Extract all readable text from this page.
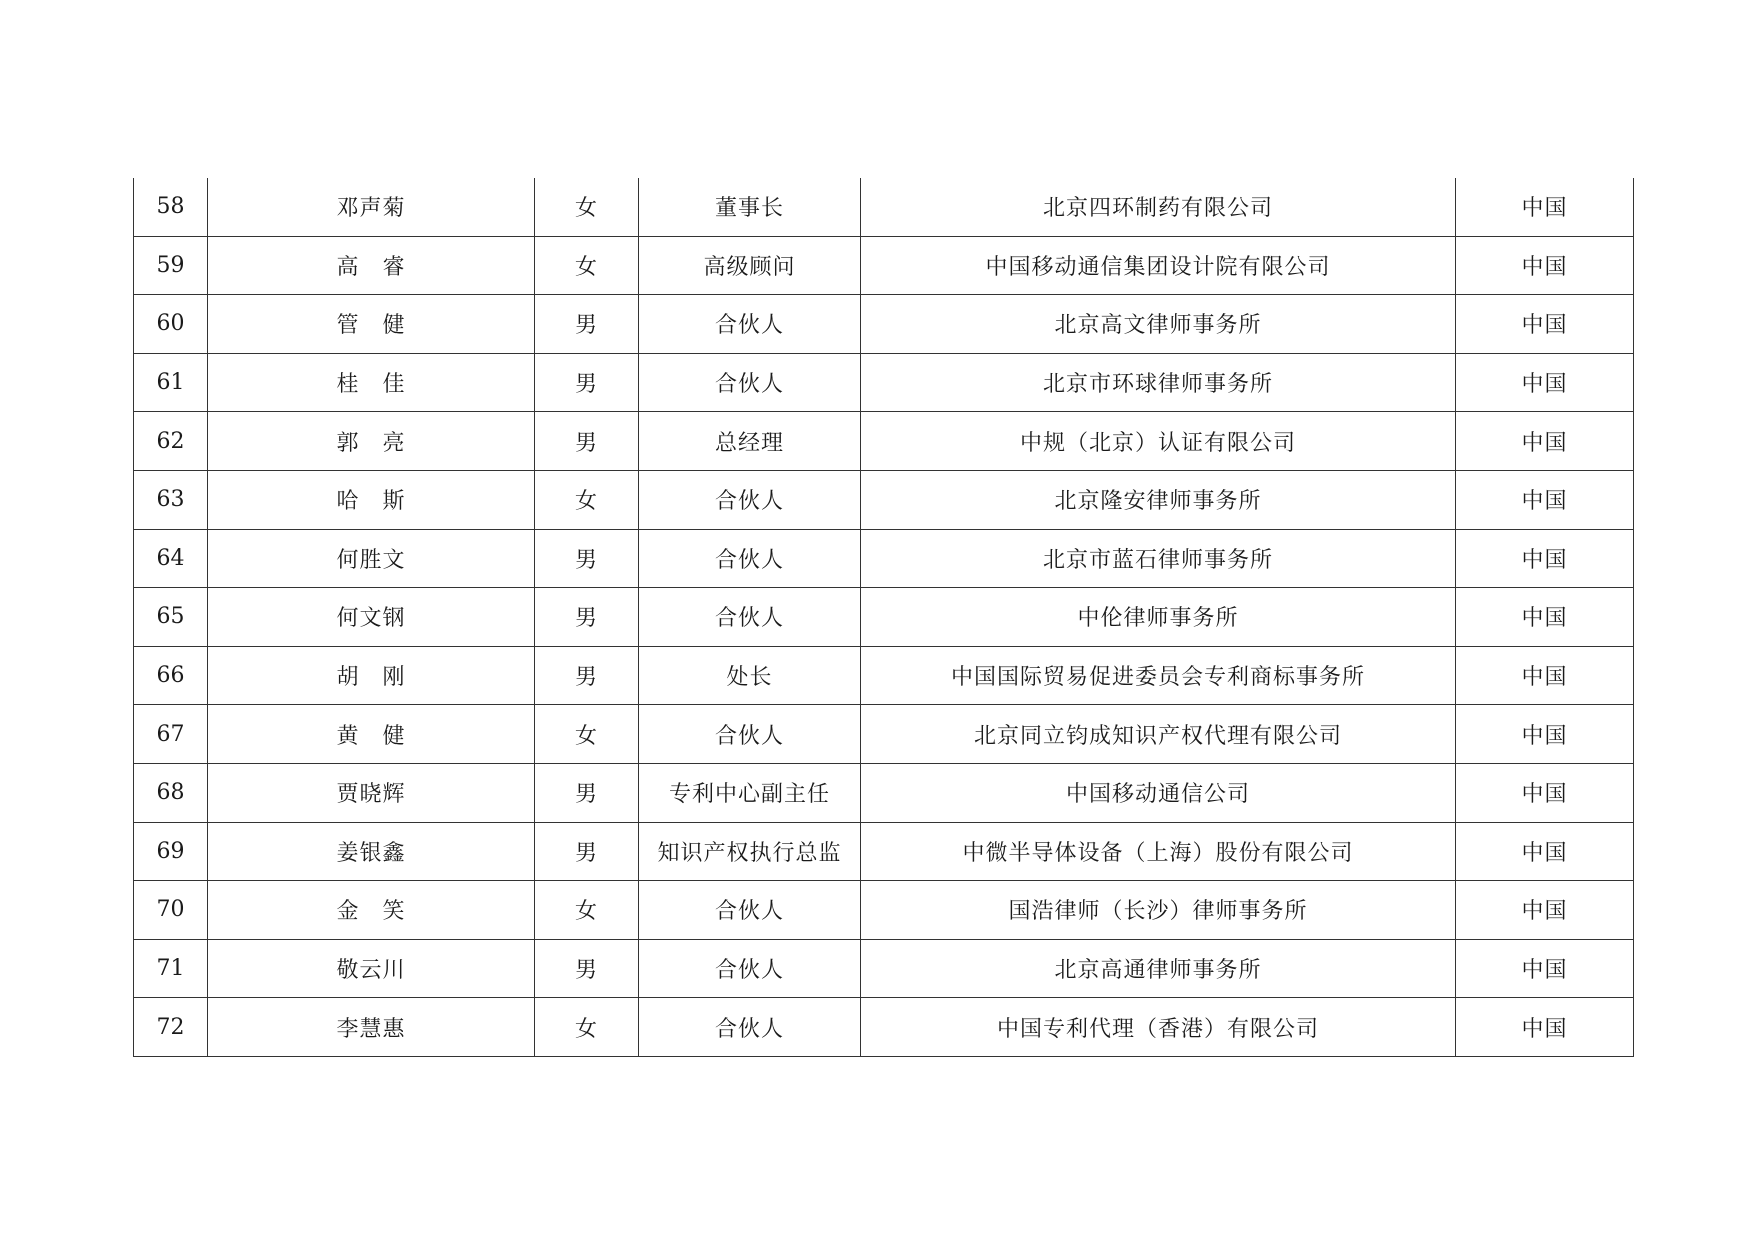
58	邓声菊	女	董事长	北京四环制药有限公司	中国
59	高　睿	女	高级顾问	中国移动通信集团设计院有限公司	中国
60	管　健	男	合伙人	北京高文律师事务所	中国
61	桂　佳	男	合伙人	北京市环球律师事务所	中国
62	郭　亮	男	总经理	中规（北京）认证有限公司	中国
63	哈　斯	女	合伙人	北京隆安律师事务所	中国
64	何胜文	男	合伙人	北京市蓝石律师事务所	中国
65	何文钢	男	合伙人	中伦律师事务所	中国
66	胡　刚	男	处长	中国国际贸易促进委员会专利商标事务所	中国
67	黄　健	女	合伙人	北京同立钧成知识产权代理有限公司	中国
68	贾晓辉	男	专利中心副主任	中国移动通信公司	中国
69	姜银鑫	男	知识产权执行总监	中微半导体设备（上海）股份有限公司	中国
70	金　笑	女	合伙人	国浩律师（长沙）律师事务所	中国
71	敬云川	男	合伙人	北京高通律师事务所	中国
72	李慧惠	女	合伙人	中国专利代理（香港）有限公司	中国
